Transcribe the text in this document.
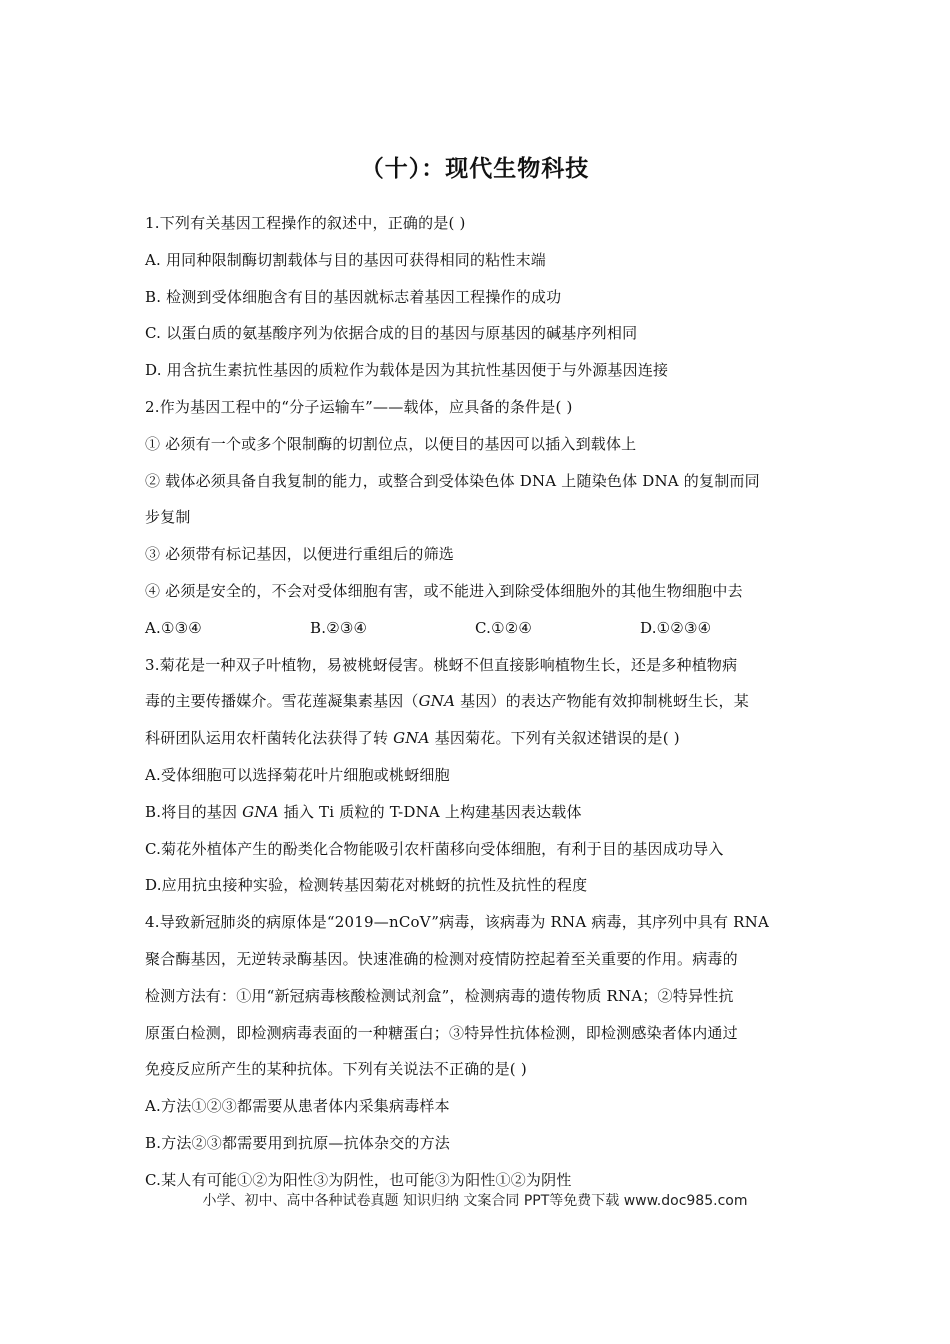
（十）：现代生物科技
1.下列有关基因工程操作的叙述中，正确的是( )
A. 用同种限制酶切割载体与目的基因可获得相同的粘性末端
B. 检测到受体细胞含有目的基因就标志着基因工程操作的成功
C. 以蛋白质的氨基酸序列为依据合成的目的基因与原基因的碱基序列相同
D. 用含抗生素抗性基因的质粒作为载体是因为其抗性基因便于与外源基因连接
2.作为基因工程中的“分子运输车”——载体，应具备的条件是( )
① 必须有一个或多个限制酶的切割位点，以便目的基因可以插入到载体上
② 载体必须具备自我复制的能力，或整合到受体染色体 DNA 上随染色体 DNA 的复制而同
步复制
③ 必须带有标记基因，以便进行重组后的筛选
④ 必须是安全的，不会对受体细胞有害，或不能进入到除受体细胞外的其他生物细胞中去
A.①③④	B.②③④	C.①②④	D.①②③④
3.菊花是一种双子叶植物，易被桃蚜侵害。桃蚜不但直接影响植物生长，还是多种植物病
毒的主要传播媒介。雪花莲凝集素基因（GNA 基因）的表达产物能有效抑制桃蚜生长，某
科研团队运用农杆菌转化法获得了转 GNA 基因菊花。下列有关叙述错误的是( )
A.受体细胞可以选择菊花叶片细胞或桃蚜细胞
B.将目的基因 GNA 插入 Ti 质粒的 T-DNA 上构建基因表达载体
C.菊花外植体产生的酚类化合物能吸引农杆菌移向受体细胞，有利于目的基因成功导入
D.应用抗虫接种实验，检测转基因菊花对桃蚜的抗性及抗性的程度
4.导致新冠肺炎的病原体是“2019—nCoV”病毒，该病毒为 RNA 病毒，其序列中具有 RNA
聚合酶基因，无逆转录酶基因。快速准确的检测对疫情防控起着至关重要的作用。病毒的
检测方法有：①用“新冠病毒核酸检测试剂盒”，检测病毒的遗传物质 RNA；②特异性抗
原蛋白检测，即检测病毒表面的一种糖蛋白；③特异性抗体检测，即检测感染者体内通过
免疫反应所产生的某种抗体。下列有关说法不正确的是( )
A.方法①②③都需要从患者体内采集病毒样本
B.方法②③都需要用到抗原—抗体杂交的方法
C.某人有可能①②为阳性③为阴性，也可能③为阳性①②为阴性
小学、初中、高中各种试卷真题 知识归纳 文案合同 PPT等免费下载 www.doc985.com
